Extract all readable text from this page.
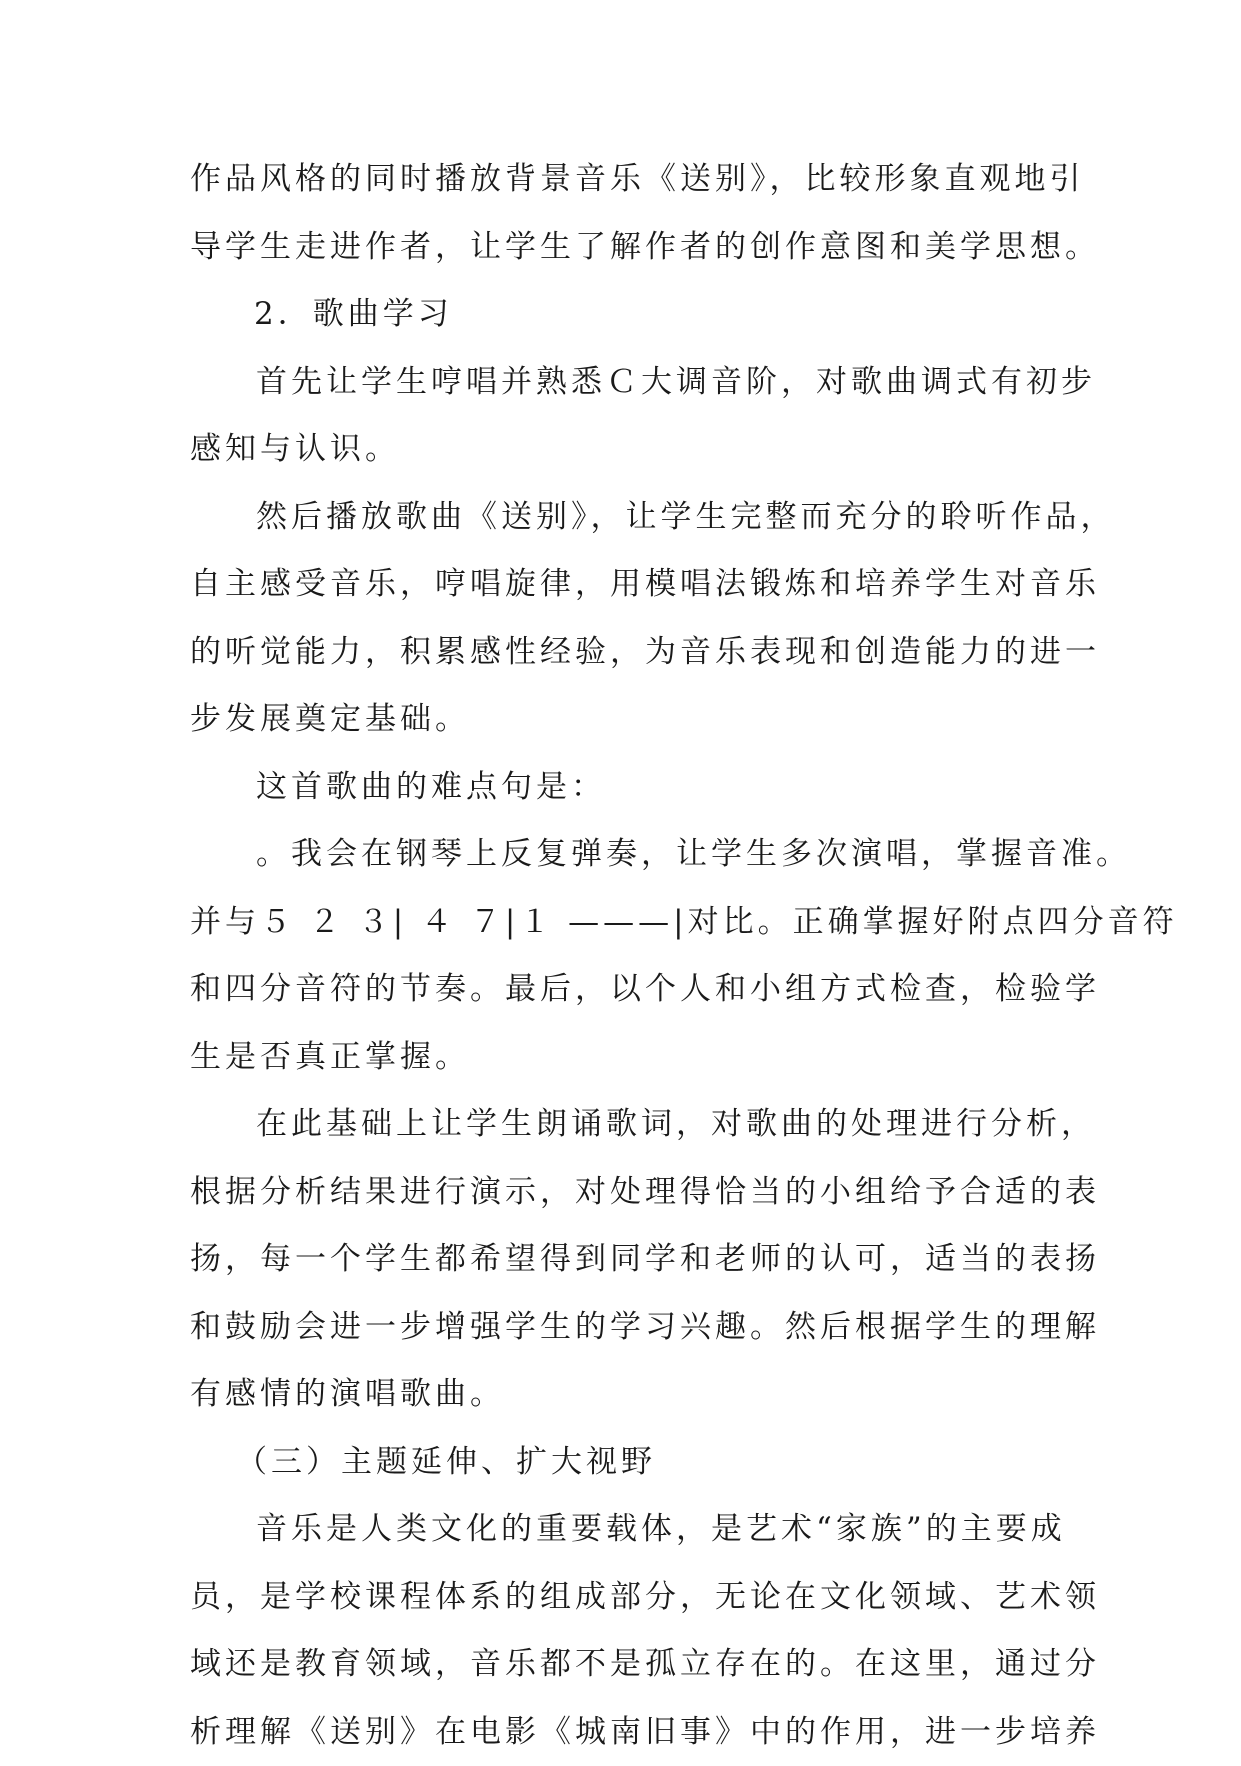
作品风格的同时播放背景音乐《送别》，比较形象直观地引
导学生走进作者，让学生了解作者的创作意图和美学思想。
2．歌曲学习
首先让学生哼唱并熟悉Ｃ大调音阶，对歌曲调式有初步
感知与认识。
然后播放歌曲《送别》，让学生完整而充分的聆听作品，
自主感受音乐，哼唱旋律，用模唱法锻炼和培养学生对音乐
的听觉能力，积累感性经验，为音乐表现和创造能力的进一
步发展奠定基础。
这首歌曲的难点句是：
。我会在钢琴上反复弹奏，让学生多次演唱，掌握音准。
并与５ ２ ３| ４ ７|１ ———|对比。正确掌握好附点四分音符
和四分音符的节奏。最后，以个人和小组方式检查，检验学
生是否真正掌握。
在此基础上让学生朗诵歌词，对歌曲的处理进行分析，
根据分析结果进行演示，对处理得恰当的小组给予合适的表
扬，每一个学生都希望得到同学和老师的认可，适当的表扬
和鼓励会进一步增强学生的学习兴趣。然后根据学生的理解
有感情的演唱歌曲。
（三）主题延伸、扩大视野
音乐是人类文化的重要载体，是艺术“家族”的主要成
员，是学校课程体系的组成部分，无论在文化领域、艺术领
域还是教育领域，音乐都不是孤立存在的。在这里，通过分
析理解《送别》在电影《城南旧事》中的作用，进一步培养
